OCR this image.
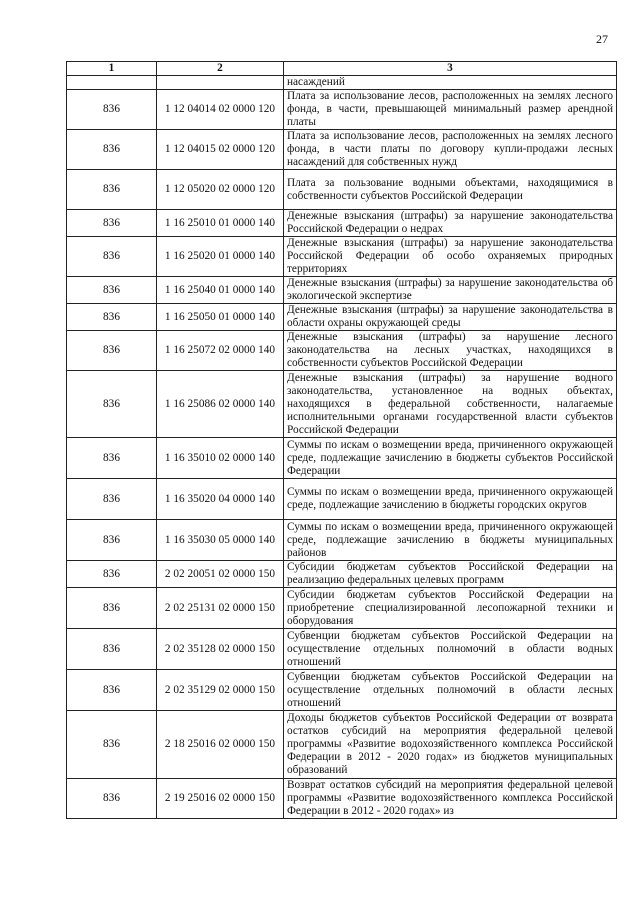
27
1	2	3
		насаждений
836	1 12 04014 02 0000 120	Плата за использование лесов, расположенных на землях лесного фонда, в части, превышающей минимальный размер арендной платы
836	1 12 04015 02 0000 120	Плата за использование лесов, расположенных на землях лесного фонда, в части платы по договору купли-продажи лесных насаждений для собственных нужд
836	1 12 05020 02 0000 120	Плата за пользование водными объектами, находящимися в собственности субъектов Российской Федерации
836	1 16 25010 01 0000 140	Денежные взыскания (штрафы) за нарушение законодательства Российской Федерации о недрах
836	1 16 25020 01 0000 140	Денежные взыскания (штрафы) за нарушение законодательства Российской Федерации об особо охраняемых природных территориях
836	1 16 25040 01 0000 140	Денежные взыскания (штрафы) за нарушение законодательства об экологической экспертизе
836	1 16 25050 01 0000 140	Денежные взыскания (штрафы) за нарушение законодательства в области охраны окружающей среды
836	1 16 25072 02 0000 140	Денежные взыскания (штрафы) за нарушение лесного законодательства на лесных участках, находящихся в собственности субъектов Российской Федерации
836	1 16 25086 02 0000 140	Денежные взыскания (штрафы) за нарушение водного законодательства, установленное на водных объектах, находящихся в федеральной собственности, налагаемые исполнительными органами государственной власти субъектов Российской Федерации
836	1 16 35010 02 0000 140	Суммы по искам о возмещении вреда, причиненного окружающей среде, подлежащие зачислению в бюджеты субъектов Российской Федерации
836	1 16 35020 04 0000 140	Суммы по искам о возмещении вреда, причиненного окружающей среде, подлежащие зачислению в бюджеты городских округов
836	1 16 35030 05 0000 140	Суммы по искам о возмещении вреда, причиненного окружающей среде, подлежащие зачислению в бюджеты муниципальных районов
836	2 02 20051 02 0000 150	Субсидии бюджетам субъектов Российской Федерации на реализацию федеральных целевых программ
836	2 02 25131 02 0000 150	Субсидии бюджетам субъектов Российской Федерации на приобретение специализированной лесопожарной техники и оборудования
836	2 02 35128 02 0000 150	Субвенции бюджетам субъектов Российской Федерации на осуществление отдельных полномочий в области водных отношений
836	2 02 35129 02 0000 150	Субвенции бюджетам субъектов Российской Федерации на осуществление отдельных полномочий в области лесных отношений
836	2 18 25016 02 0000 150	Доходы бюджетов субъектов Российской Федерации от возврата остатков субсидий на мероприятия федеральной целевой программы «Развитие водохозяйственного комплекса Российской Федерации в 2012 - 2020 годах» из бюджетов муниципальных образований
836	2 19 25016 02 0000 150	Возврат остатков субсидий на мероприятия федеральной целевой программы «Развитие водохозяйственного комплекса Российской Федерации в 2012 - 2020 годах» из
